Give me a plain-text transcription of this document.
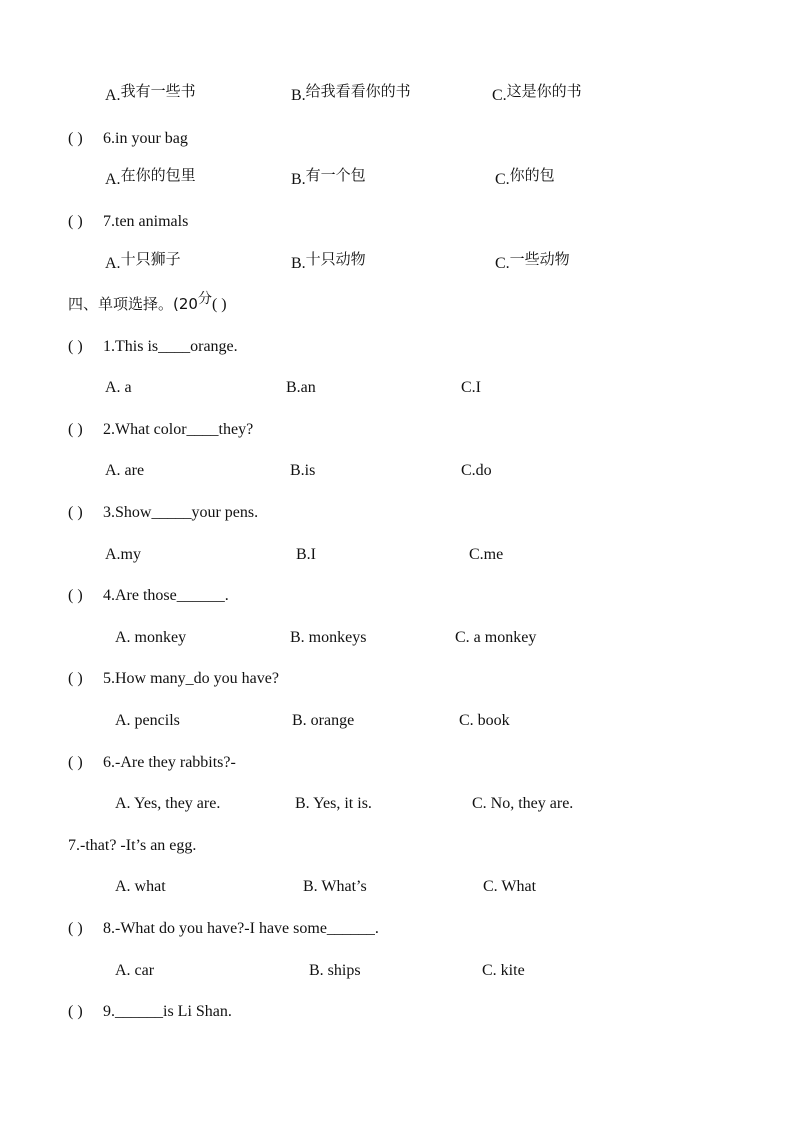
A.我有一些书	B.给我看看你的书	C.这是你的书
( ) 6.in your bag
A.在你的包里	B.有一个包	C.你的包
( ) 7.ten animals
A.十只狮子	B.十只动物	C.一些动物
四、单项选择。(20分( )
( ) 1.This is____orange.
A. a	B.an	C.I
( ) 2.What color____they?
A. are	B.is	C.do
( ) 3.Show_____your pens.
A.my	B.I	C.me
( ) 4.Are those______.
A. monkey	B. monkeys	C. a monkey
( ) 5.How many_do you have?
A. pencils	B. orange	C. book
( ) 6.-Are they rabbits?-
A. Yes, they are.	B. Yes, it is.	C. No, they are.
7.-that? -It’s an egg.
A. what	B. What’s	C. What
( ) 8.-What do you have?-I have some______.
A. car	B. ships	C. kite
( ) 9.______is Li Shan.
